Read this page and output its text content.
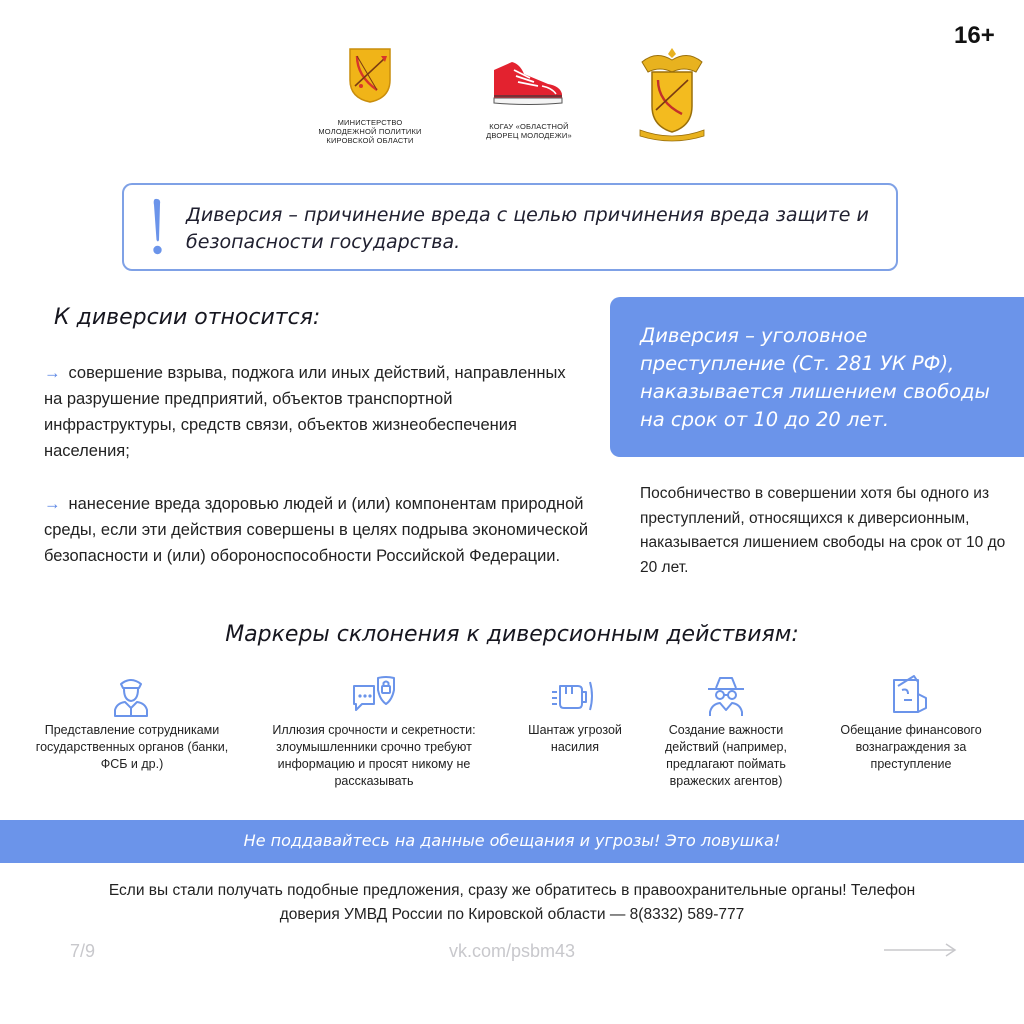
16+
МИНИСТЕРСТВО МОЛОДЕЖНОЙ ПОЛИТИКИ КИРОВСКОЙ ОБЛАСТИ
КОГАУ «ОБЛАСТНОЙ ДВОРЕЦ МОЛОДЕЖИ»
Диверсия – причинение вреда с целью причинения вреда защите и безопасности государства.
К диверсии относится:
→ совершение взрыва, поджога или иных действий, направленных на разрушение предприятий, объектов транспортной инфраструктуры, средств связи, объектов жизнеобеспечения населения;
→ нанесение вреда здоровью людей и (или) компонентам природной среды, если эти действия совершены в целях подрыва экономической безопасности и (или) обороноспособности Российской Федерации.
Диверсия – уголовное преступление (Ст. 281 УК РФ), наказывается лишением свободы на срок от 10 до 20 лет.
Пособничество в совершении хотя бы одного из преступлений, относящихся к диверсионным, наказывается лишением свободы на срок от 10 до 20 лет.
Маркеры склонения к диверсионным действиям:
Представление сотрудниками государственных органов (банки, ФСБ и др.)
Иллюзия срочности и секретности: злоумышленники срочно требуют информацию и просят никому не рассказывать
Шантаж угрозой насилия
Создание важности действий (например, предлагают поймать вражеских агентов)
Обещание финансового вознаграждения за преступление
Не поддавайтесь на данные обещания и угрозы! Это ловушка!
Если вы стали получать подобные предложения, сразу же обратитесь в правоохранительные органы! Телефон доверия УМВД России по Кировской области — 8(8332) 589-777
7/9	vk.com/psbm43
